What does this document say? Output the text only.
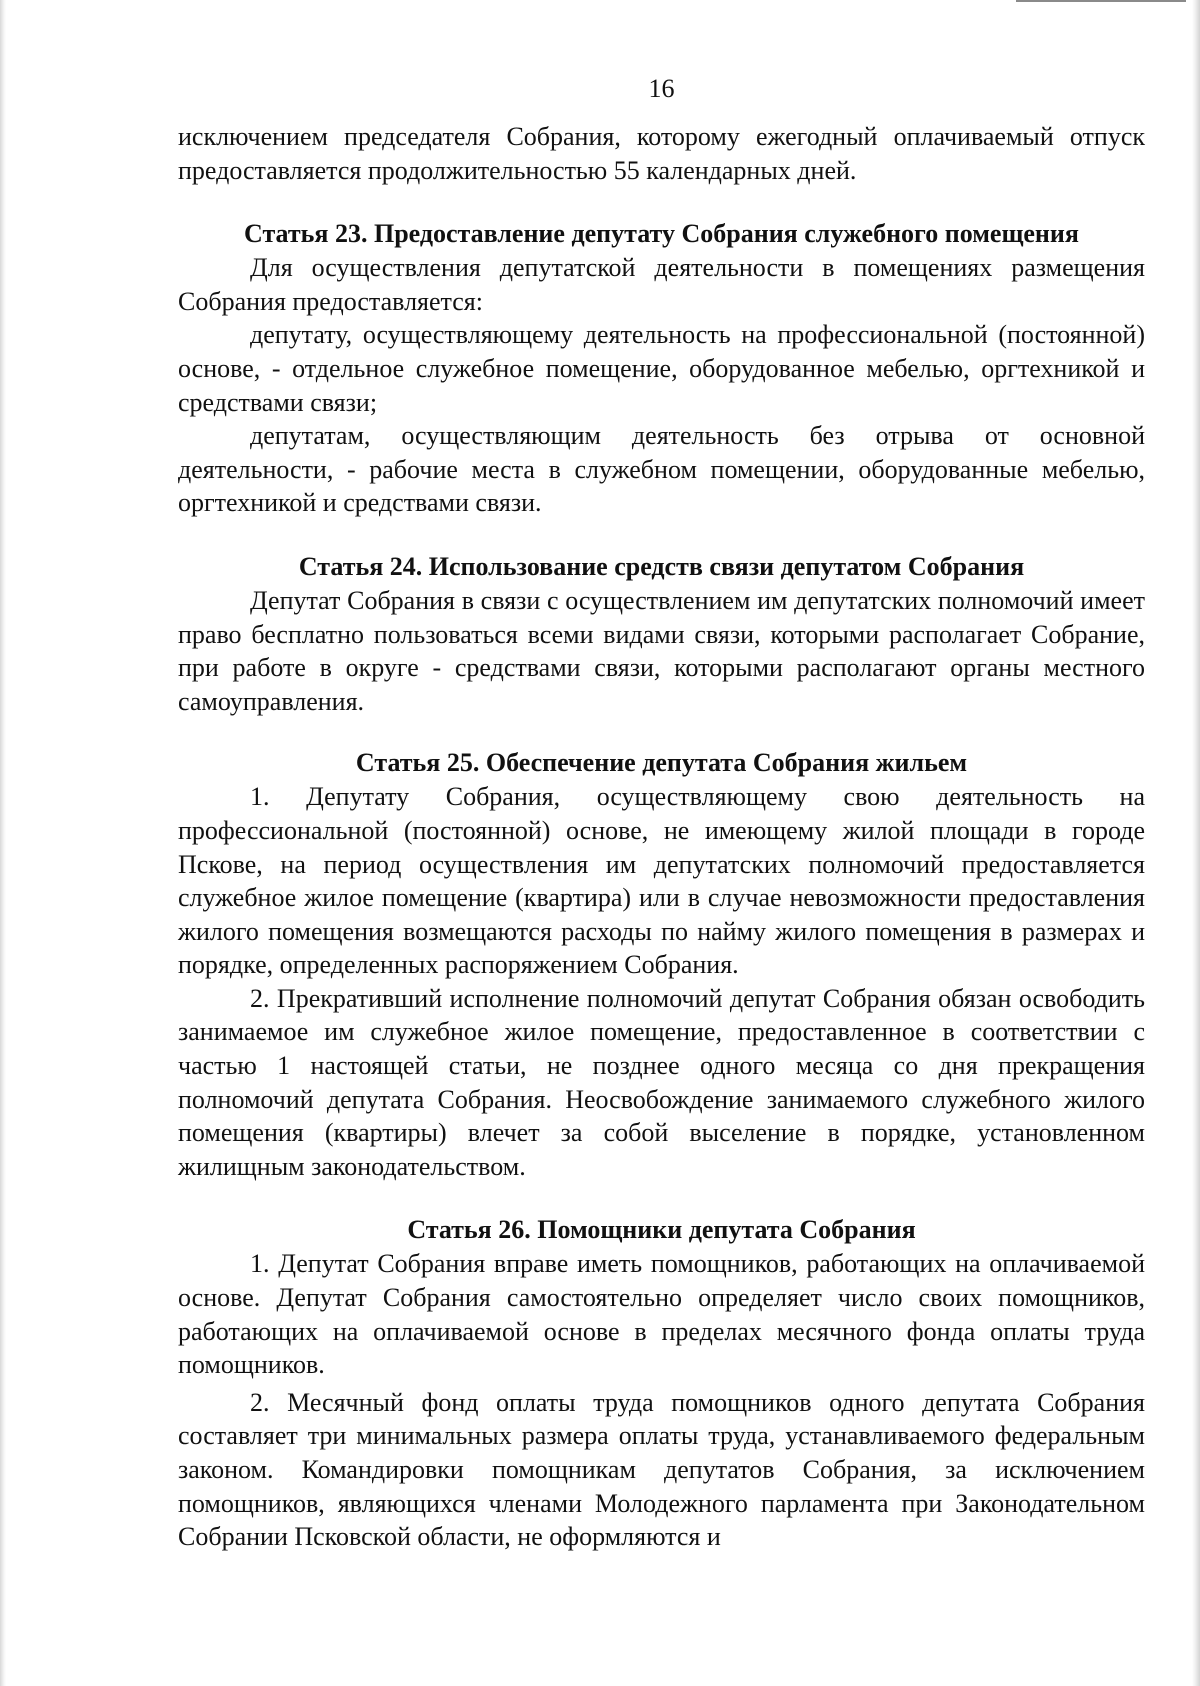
16

исключением председателя Собрания, которому ежегодный оплачиваемый отпуск предоставляется продолжительностью 55 календарных дней.

Статья 23. Предоставление депутату Собрания служебного помещения

Для осуществления депутатской деятельности в помещениях размещения Собрания предоставляется:

депутату, осуществляющему деятельность на профессиональной (постоянной) основе, - отдельное служебное помещение, оборудованное мебелью, оргтехникой и средствами связи;

депутатам, осуществляющим деятельность без отрыва от основной деятельности, - рабочие места в служебном помещении, оборудованные мебелью, оргтехникой и средствами связи.

Статья 24. Использование средств связи депутатом Собрания

Депутат Собрания в связи с осуществлением им депутатских полномочий имеет право бесплатно пользоваться всеми видами связи, которыми располагает Собрание, при работе в округе - средствами связи, которыми располагают органы местного самоуправления.

Статья 25. Обеспечение депутата Собрания жильем

1. Депутату Собрания, осуществляющему свою деятельность на профессиональной (постоянной) основе, не имеющему жилой площади в городе Пскове, на период осуществления им депутатских полномочий предоставляется служебное жилое помещение (квартира) или в случае невозможности предоставления жилого помещения возмещаются расходы по найму жилого помещения в размерах и порядке, определенных распоряжением Собрания.

2. Прекративший исполнение полномочий депутат Собрания обязан освободить занимаемое им служебное жилое помещение, предоставленное в соответствии с частью 1 настоящей статьи, не позднее одного месяца со дня прекращения полномочий депутата Собрания. Неосвобождение занимаемого служебного жилого помещения (квартиры) влечет за собой выселение в порядке, установленном жилищным законодательством.

Статья 26. Помощники депутата Собрания

1. Депутат Собрания вправе иметь помощников, работающих на оплачиваемой основе. Депутат Собрания самостоятельно определяет число своих помощников, работающих на оплачиваемой основе в пределах месячного фонда оплаты труда помощников.

2. Месячный фонд оплаты труда помощников одного депутата Собрания составляет три минимальных размера оплаты труда, устанавливаемого федеральным законом. Командировки помощникам депутатов Собрания, за исключением помощников, являющихся членами Молодежного парламента при Законодательном Собрании Псковской области, не оформляются и
